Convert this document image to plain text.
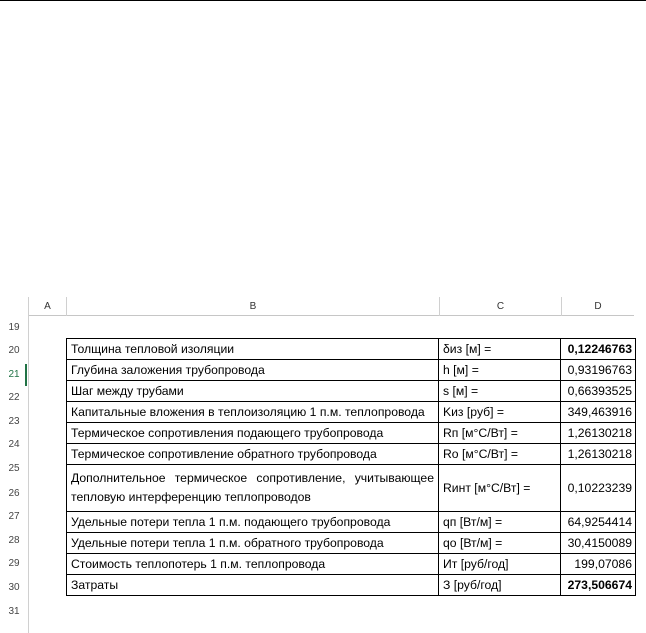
A	B	C	D
19
20
21
22
23
24
25
26
27
28
29
30
31
Толщина тепловой изоляции	δиз [м] =	0,12246763
Глубина заложения трубопровода	h [м] =	0,93196763
Шаг между трубами	s [м] =	0,66393525
Капитальные вложения в теплоизоляцию 1 п.м. теплопровода	Kиз [руб] =	349,463916
Термическое сопротивления подающего трубопровода	Rп [м°С/Вт] =	1,26130218
Термическое сопротивление обратного трубопровода	Rо [м°С/Вт] =	1,26130218

Дополнительное термическое сопротивление, учитывающее
тепловую интерференцию теплопроводов	Rинт [м°С/Вт] =	0,10223239
Удельные потери тепла 1 п.м. подающего трубопровода	qп [Вт/м] =	64,9254414
Удельные потери тепла 1 п.м. обратного трубопровода	qо [Вт/м] =	30,4150089
Стоимость теплопотерь 1 п.м. теплопровода	Ит [руб/год]	199,07086
Затраты	З [руб/год]	273,506674
